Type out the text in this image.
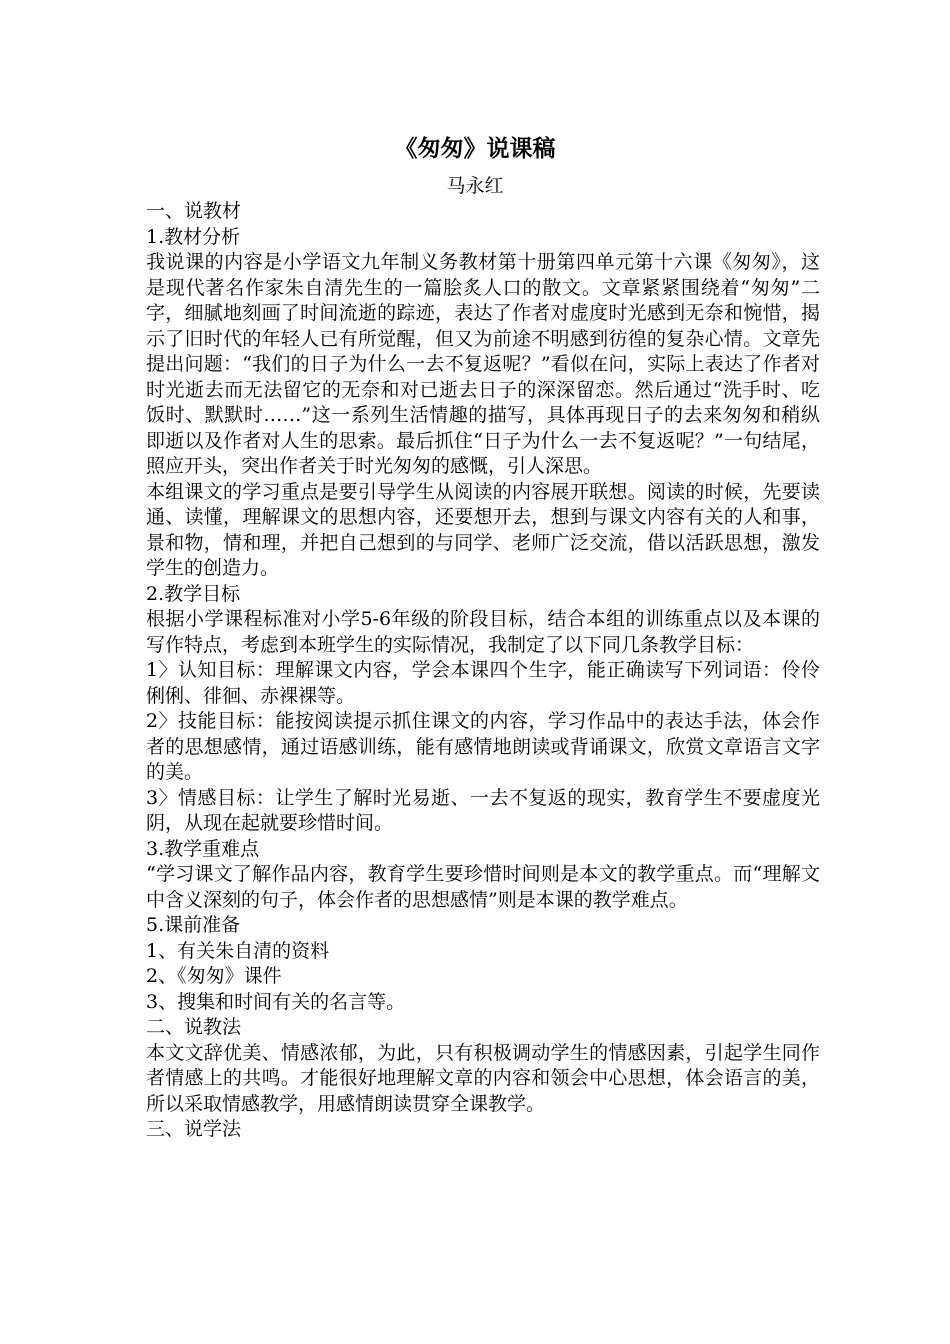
《匆匆》说课稿
马永红

一、说教材

1.教材分析

我说课的内容是小学语文九年制义务教材第十册第四单元第十六课《匆匆》，这是现代著名作家朱自清先生的一篇脍炙人口的散文。文章紧紧围绕着“匆匆”二字，细腻地刻画了时间流逝的踪迹，表达了作者对虚度时光感到无奈和惋惜，揭示了旧时代的年轻人已有所觉醒，但又为前途不明感到彷徨的复杂心情。文章先提出问题：“我们的日子为什么一去不复返呢？”看似在问，实际上表达了作者对时光逝去而无法留它的无奈和对已逝去日子的深深留恋。然后通过“洗手时、吃饭时、默默时……”这一系列生活情趣的描写，具体再现日子的去来匆匆和稍纵即逝以及作者对人生的思索。最后抓住“日子为什么一去不复返呢？”一句结尾，照应开头，突出作者关于时光匆匆的感慨，引人深思。

本组课文的学习重点是要引导学生从阅读的内容展开联想。阅读的时候，先要读通、读懂，理解课文的思想内容，还要想开去，想到与课文内容有关的人和事，景和物，情和理，并把自己想到的与同学、老师广泛交流，借以活跃思想，激发学生的创造力。

2.教学目标

根据小学课程标准对小学5-6年级的阶段目标，结合本组的训练重点以及本课的写作特点，考虑到本班学生的实际情况，我制定了以下同几条教学目标：

1〉认知目标：理解课文内容，学会本课四个生字，能正确读写下列词语：伶伶俐俐、徘徊、赤裸裸等。

2〉技能目标：能按阅读提示抓住课文的内容，学习作品中的表达手法，体会作者的思想感情，通过语感训练，能有感情地朗读或背诵课文，欣赏文章语言文字的美。

3〉情感目标：让学生了解时光易逝、一去不复返的现实，教育学生不要虚度光阴，从现在起就要珍惜时间。

3.教学重难点

“学习课文了解作品内容，教育学生要珍惜时间则是本文的教学重点。而“理解文中含义深刻的句子，体会作者的思想感情”则是本课的教学难点。

5.课前准备

1、有关朱自清的资料

2、《匆匆》课件

3、搜集和时间有关的名言等。

二、说教法

本文文辞优美、情感浓郁，为此，只有积极调动学生的情感因素，引起学生同作者情感上的共鸣。才能很好地理解文章的内容和领会中心思想，体会语言的美，所以采取情感教学，用感情朗读贯穿全课教学。

三、说学法
